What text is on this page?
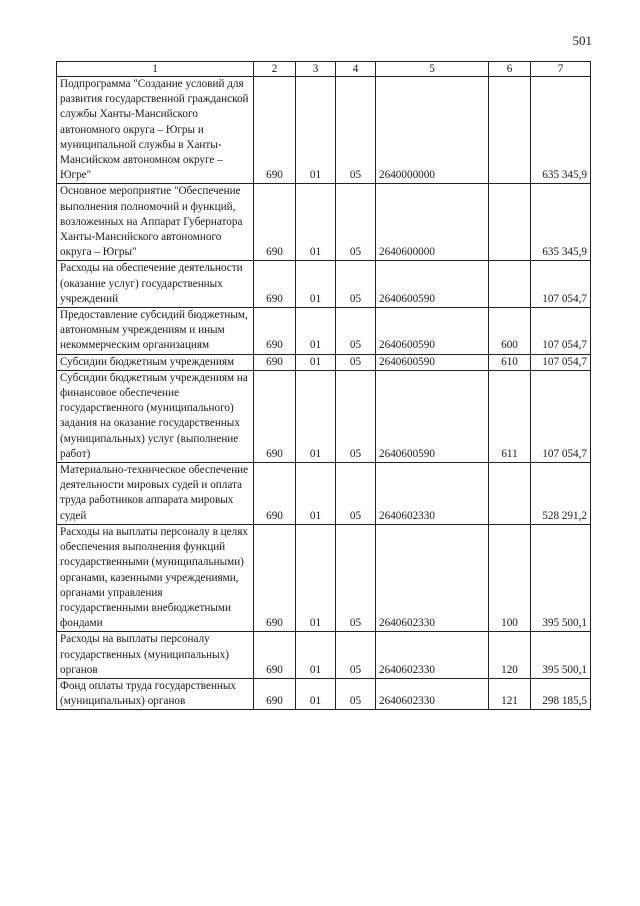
501
1	2	3	4	5	6	7
Подпрограмма "Создание условий для развития государственной гражданской службы Ханты-Мансийского автономного округа – Югры и муниципальной службы в Ханты-Мансийском автономном округе – Югре"	690	01	05	2640000000		635 345,9
Основное мероприятие "Обеспечение выполнения полномочий и функций, возложенных на Аппарат Губернатора Ханты-Мансийского автономного округа – Югры"	690	01	05	2640600000		635 345,9
Расходы на обеспечение деятельности (оказание услуг) государственных учреждений	690	01	05	2640600590		107 054,7
Предоставление субсидий бюджетным, автономным учреждениям и иным некоммерческим организациям	690	01	05	2640600590	600	107 054,7
Субсидии бюджетным учреждениям	690	01	05	2640600590	610	107 054,7
Субсидии бюджетным учреждениям на финансовое обеспечение государственного (муниципального) задания на оказание государственных (муниципальных) услуг (выполнение работ)	690	01	05	2640600590	611	107 054,7
Материально-техническое обеспечение деятельности мировых судей и оплата труда работников аппарата мировых судей	690	01	05	2640602330		528 291,2
Расходы на выплаты персоналу в целях обеспечения выполнения функций государственными (муниципальными) органами, казенными учреждениями, органами управления государственными внебюджетными фондами	690	01	05	2640602330	100	395 500,1
Расходы на выплаты персоналу государственных (муниципальных) органов	690	01	05	2640602330	120	395 500,1
Фонд оплаты труда государственных (муниципальных) органов	690	01	05	2640602330	121	298 185,5
